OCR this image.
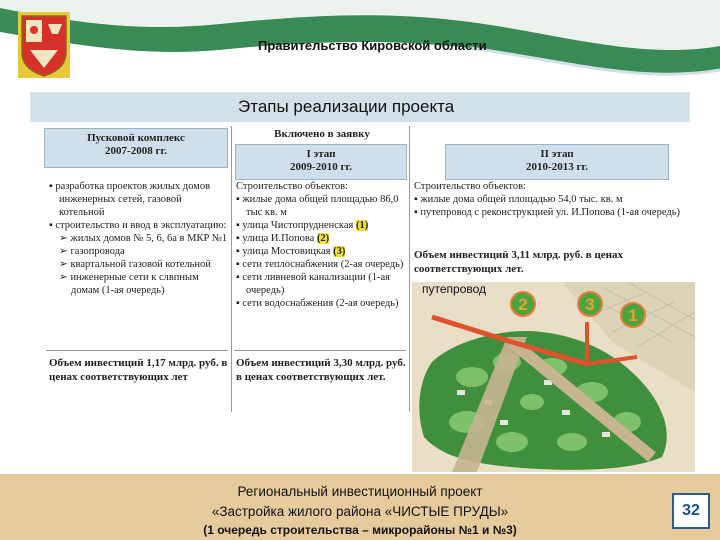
Правительство Кировской области
Этапы реализации проекта
Пусковой комплекс
2007-2008 гг.
Включено в заявку
I этап
2009-2010 гг.

▪ разработка проектов жилых домов инженерных сетей, газовой котельной

▪ строительство и ввод в эксплуатацию:

➢ жилых домов № 5, 6, 6а в МКР №1

➢ газопровода

➢ квартальной газовой котельной

➢ инженерные сети к слвпным домам (1-ая очередь)

Строительство объектов:

▪ жилые дома общей площадью 86,0 тыс кв. м

▪ улица Чистопрудненская (1)

▪ улица И.Попова (2)

▪ улица Мостовицкая (3)

▪ сети теплоснабжения (2-ая очередь)

▪ сети ливневой канализации (1-ая очередь)

▪ сети водоснабжения (2-ая очередь)

Объем инвестиций 1,17 млрд. руб. в ценах соответствующих лет
Объем инвестиций 3,30 млрд. руб. в ценах соответствующих лет.
II этап
2010-2013 гг.

Строительство объектов:

▪ жилые дома общей площадью 54,0 тыс. кв. м

▪ путепровод с реконструкцией ул. И.Попова (1-ая очередь)

Объем инвестиций 3,11 млрд. руб. в ценах соответствующих лет.
2	3
1
путепровод
Региональный инвестиционный проект
«Застройка жилого района «ЧИСТЫЕ ПРУДЫ»
(1 очередь строительства – микрорайоны №1 и №3)
32
